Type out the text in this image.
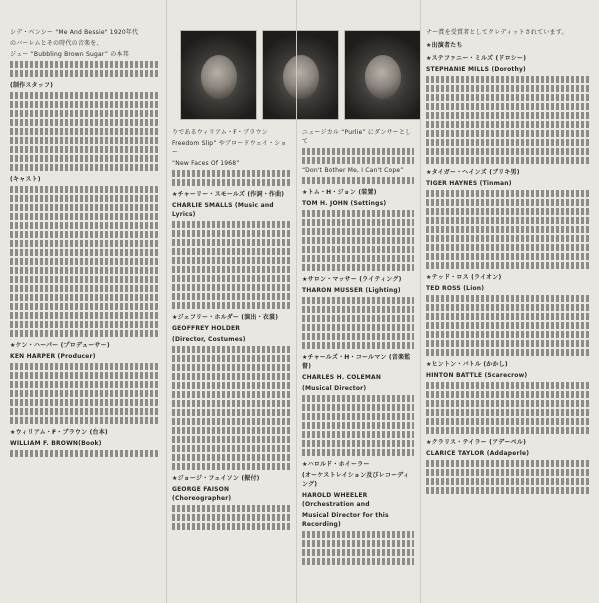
シデ・ベンシー "Me And Bessie" 1920年代

のバーレムとその時代の音楽を、

ジュー “Bubbling Brown Sugar” の本邦

(制作スタッフ)

(キャスト)

★ケン・ハーパー (プロデューサー)

KEN HARPER (Producer)

★ウィリアム・F・ブラウン (台本)

WILLIAM F. BROWN(Book)

りであるウィリアム・F・ブラウン

Freedom Slip” やブロードウェイ・ショー

“New Faces Of 1968”

★チャーリー・スモールズ (作詞・作曲)

CHARLIE SMALLS (Music and Lyrics)

★ジェフリー・ホルダー (演出・衣裳)

GEOFFREY HOLDER

(Director, Costumes)

★ジョージ・フェイソン (振付)

GEORGE FAISON (Choreographer)

ニュージカル “Purlie” にダンサーとして

“Don't Bother Me, I Can't Cope”

★トム・H・ジョン (装置)

TOM H. JOHN (Settings)

★サロン・マッサー (ライティング)

THARON MUSSER (Lighting)

★チャールズ・H・コールマン (音楽監督)

CHARLES H. COLEMAN

(Musical Director)

★ハロルド・ホイーラー

(オーケストレイション及びレコーディング)

HAROLD WHEELER (Orchestration and

Musical Director for this Recording)

ナー賞を受賞者としてクレディットされています。

★出演者たち

★ステファニー・ミルズ (ドロシー)

STEPHANIE MILLS (Dorothy)

★タイガー・ヘインズ (ブリキ男)

TIGER HAYNES (Tinman)

★テッド・ロス (ライオン)

TED ROSS (Lion)

★ヒントン・バトル (かかし)

HINTON BATTLE (Scarecrow)

★クラリス・テイラー (アデーペル)

CLARICE TAYLOR (Addaperle)
